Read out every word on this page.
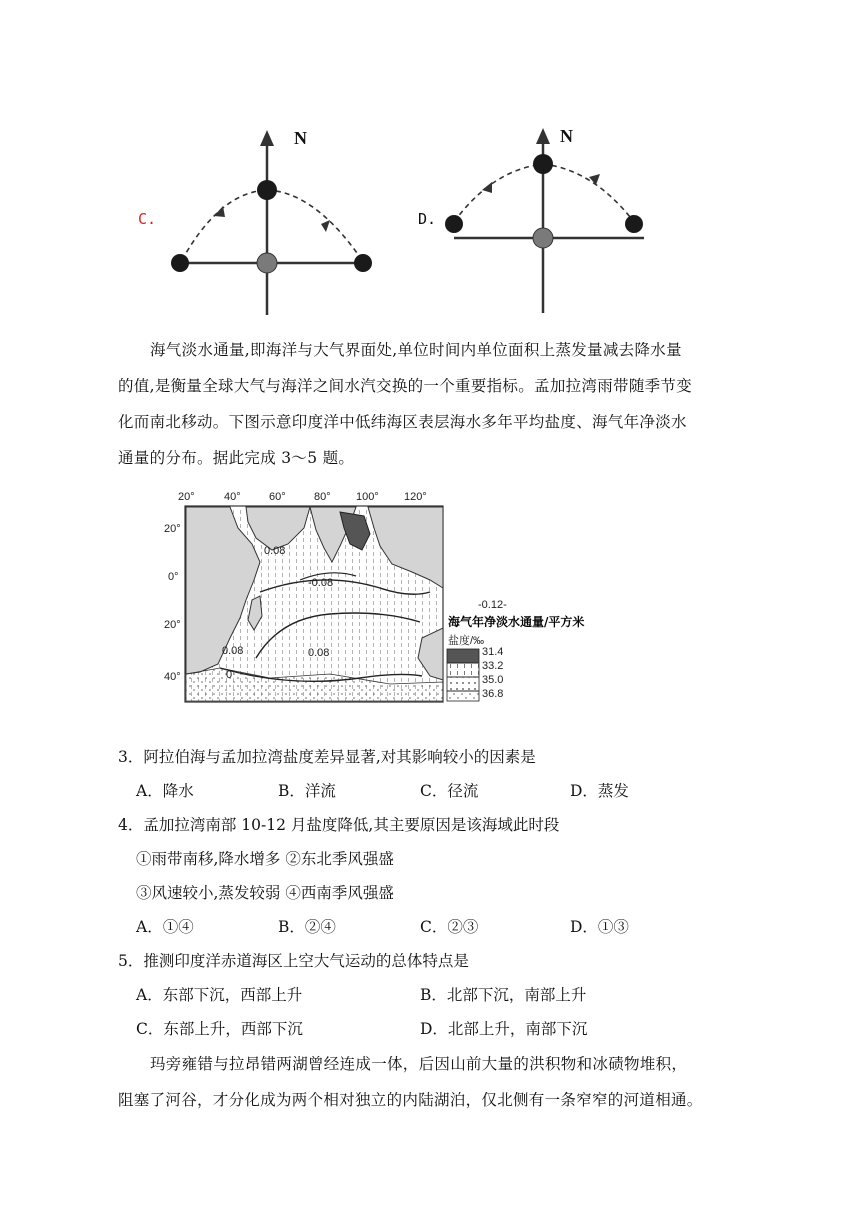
C.
N
D.
N
海气淡水通量,即海洋与大气界面处,单位时间内单位面积上蒸发量减去降水量
的值,是衡量全球大气与海洋之间水汽交换的一个重要指标。孟加拉湾雨带随季节变
化而南北移动。下图示意印度洋中低纬海区表层海水多年平均盐度、海气年净淡水
通量的分布。据此完成 3～5 题。
0.08
-0.08
0.08	0.08
0
20°	40°	60°	80° 100° 120°
20°
0°
20°
40°
-0.12-
海气年净淡水通量/平方米
盐度/‰
31.4
33.2
35.0
36.8
3．阿拉伯海与孟加拉湾盐度差异显著,对其影响较小的因素是
A．降水	B．洋流	C．径流	D．蒸发
4．孟加拉湾南部 10-12 月盐度降低,其主要原因是该海域此时段
①雨带南移,降水增多 ②东北季风强盛
③风速较小,蒸发较弱 ④西南季风强盛
A．①④	B．②④	C．②③	D．①③
5．推测印度洋赤道海区上空大气运动的总体特点是
A．东部下沉，西部上升	B．北部下沉，南部上升
C．东部上升，西部下沉	D．北部上升，南部下沉
玛旁雍错与拉昂错两湖曾经连成一体，后因山前大量的洪积物和冰碛物堆积，
阻塞了河谷，才分化成为两个相对独立的内陆湖泊，仅北侧有一条窄窄的河道相通。
